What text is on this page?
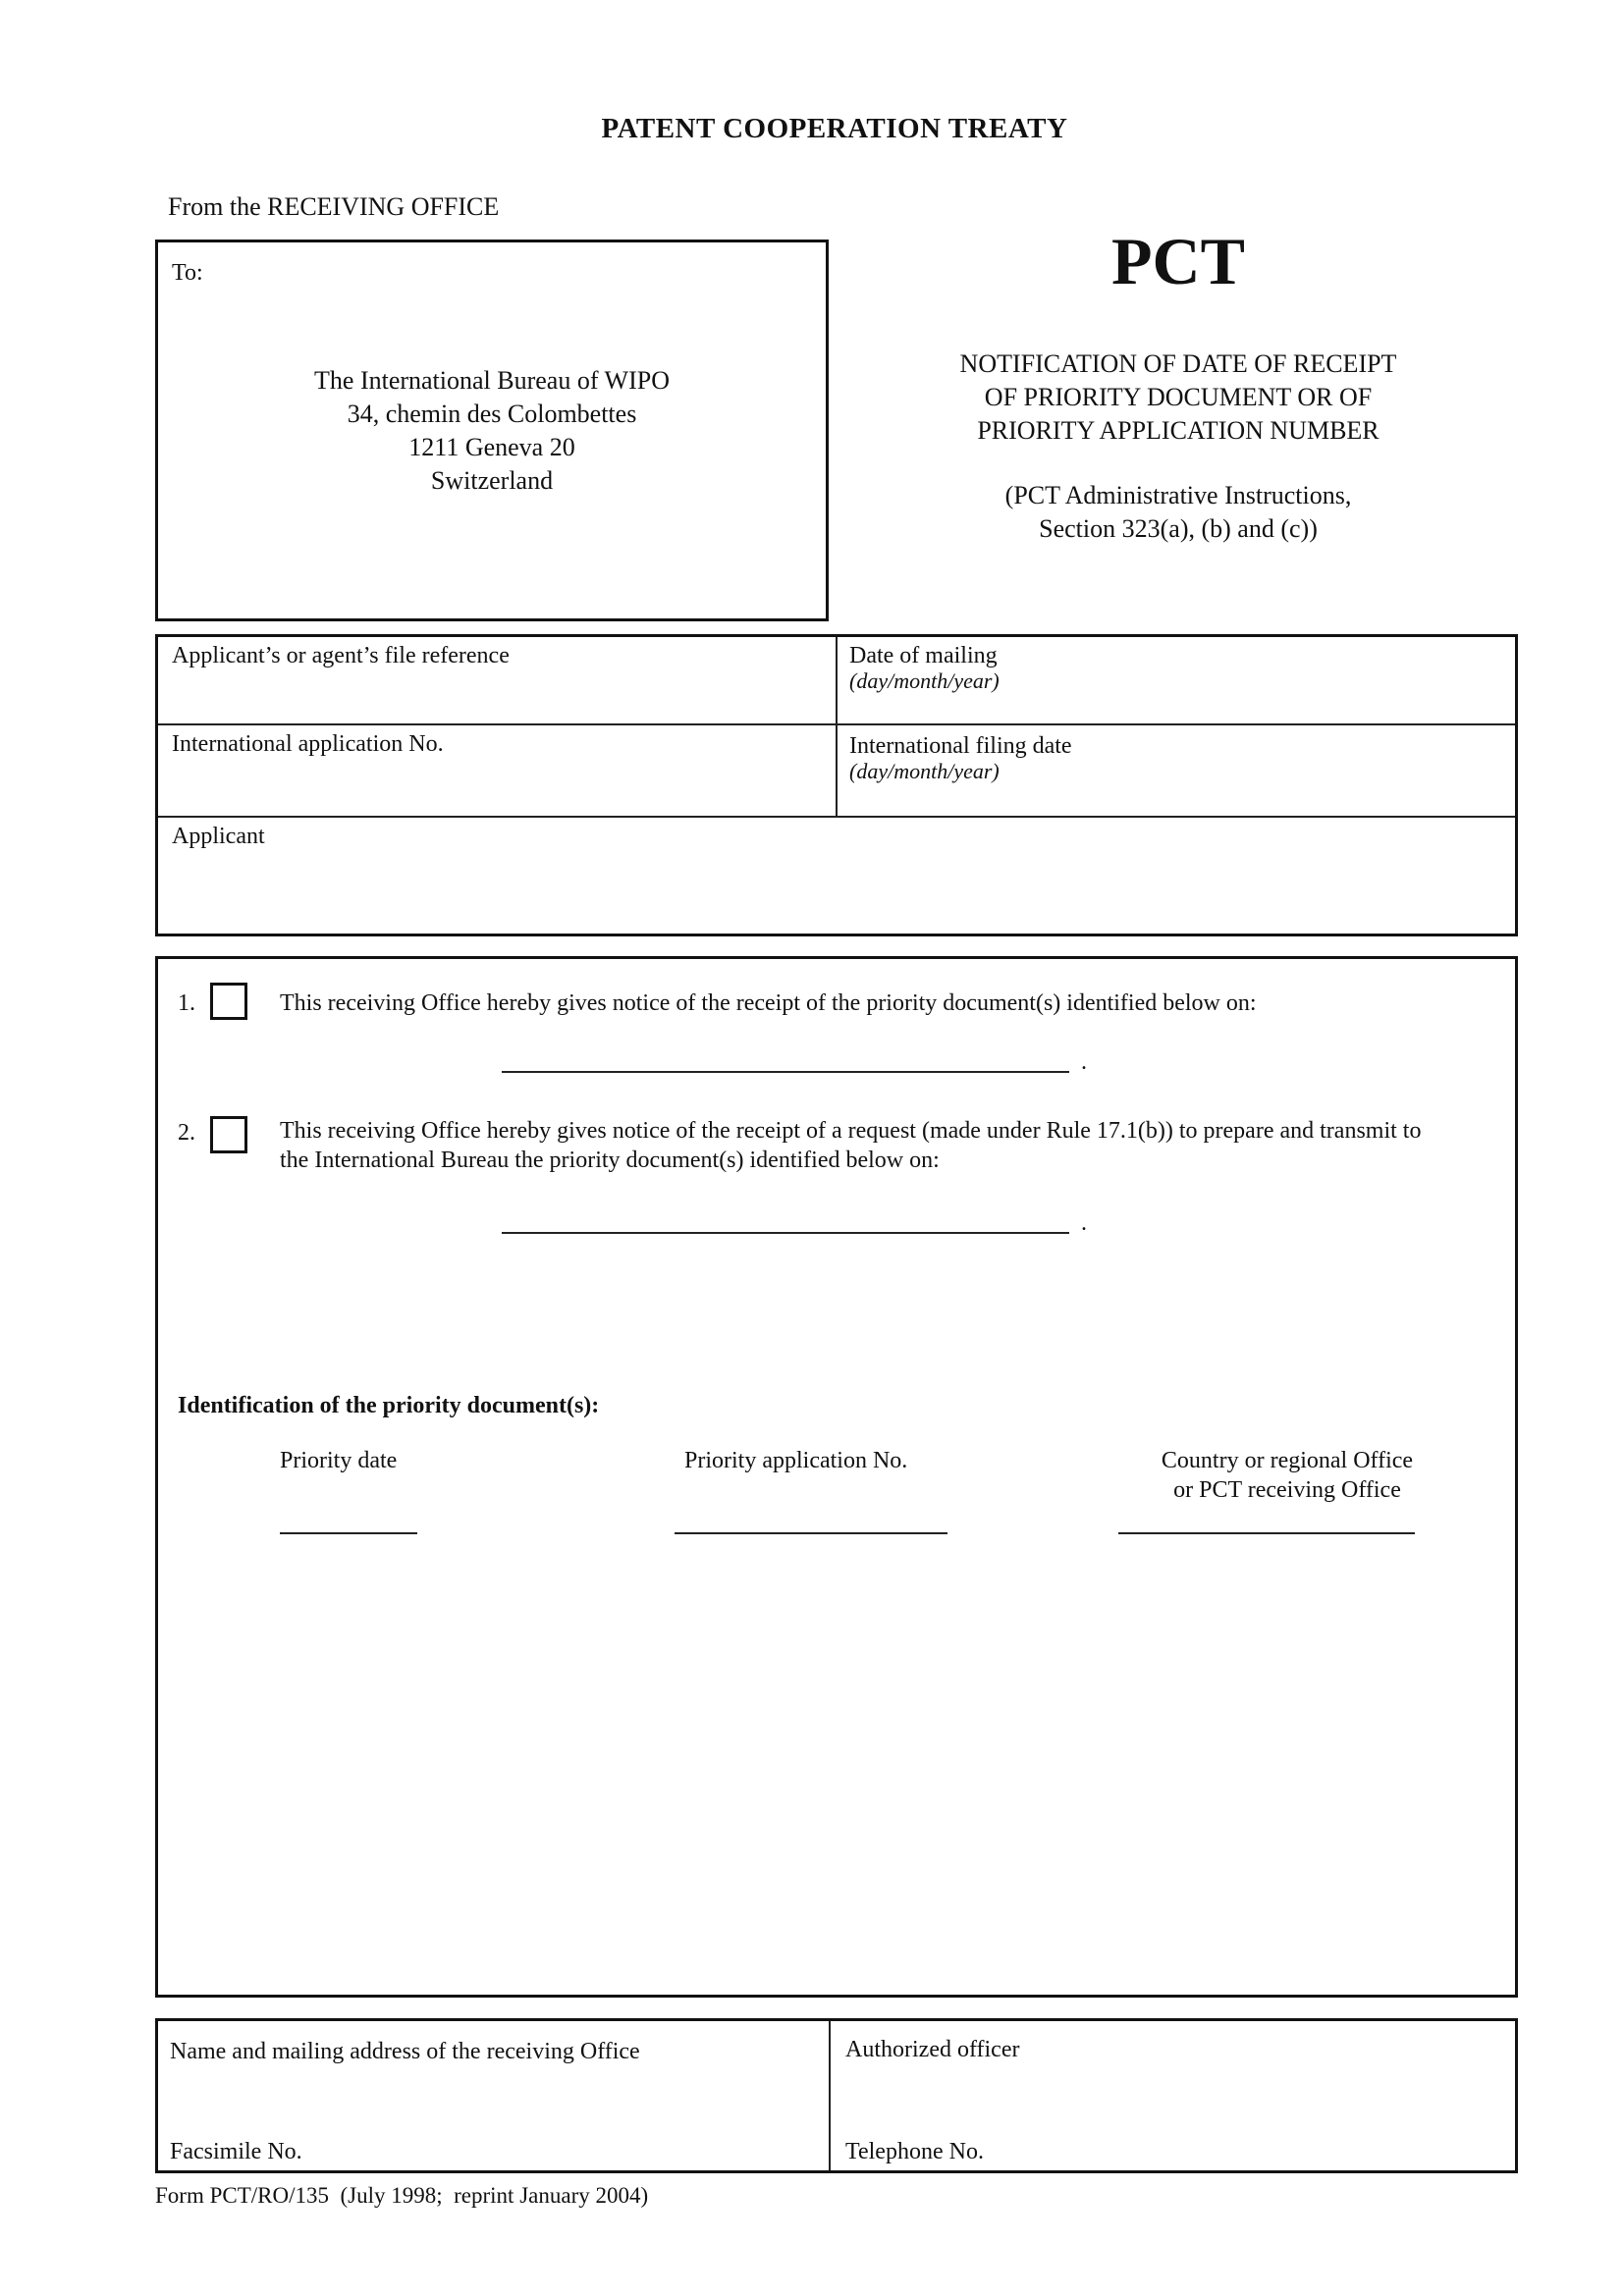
PATENT COOPERATION TREATY
From the RECEIVING OFFICE
To:
The International Bureau of WIPO
34, chemin des Colombettes
1211 Geneva 20
Switzerland
PCT
NOTIFICATION OF DATE OF RECEIPT
OF PRIORITY DOCUMENT OR OF
PRIORITY APPLICATION NUMBER
(PCT Administrative Instructions,
Section 323(a), (b) and (c))
Applicant’s or agent’s file reference	Date of mailing
(day/month/year)
International application No.	International filing date
(day/month/year)
Applicant
1.	This receiving Office hereby gives notice of the receipt of the priority document(s) identified below on:
.
2.	This receiving Office hereby gives notice of the receipt of a request (made under Rule 17.1(b)) to prepare and transmit to
the International Bureau the priority document(s) identified below on:
.
Identification of the priority document(s):
Priority date	Priority application No.	Country or regional Office
or PCT receiving Office
Name and mailing address of the receiving Office
Facsimile No.
Authorized officer
Telephone No.
Form PCT/RO/135  (July 1998;  reprint January 2004)
